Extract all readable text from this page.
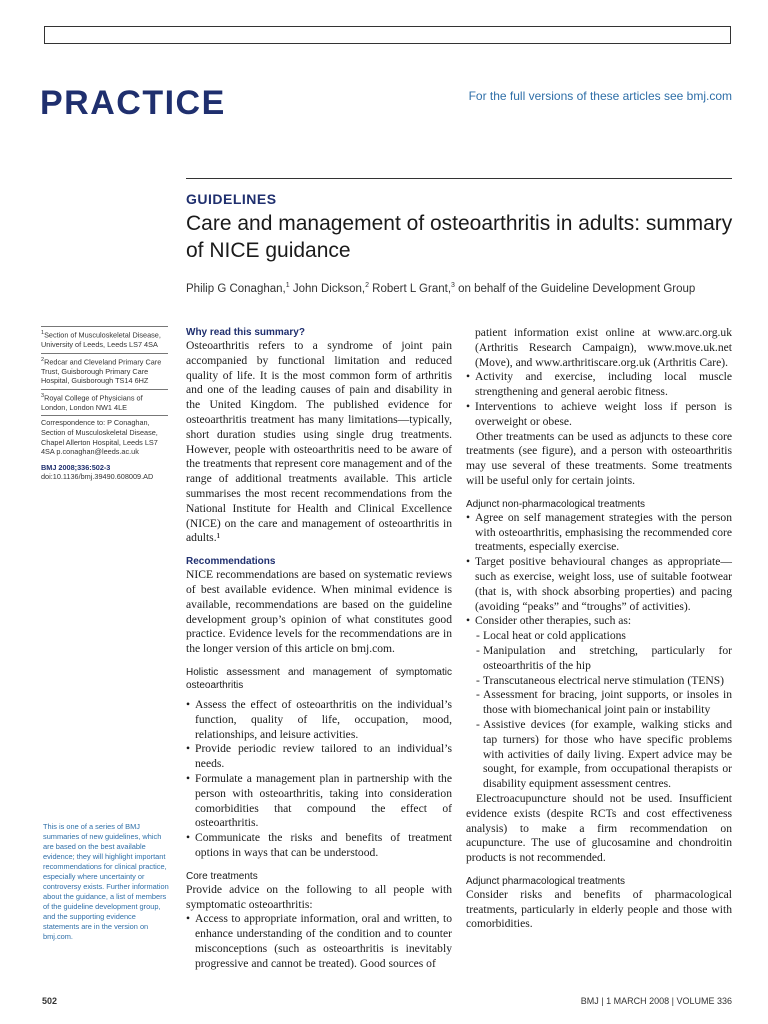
PRACTICE	For the full versions of these articles see bmj.com
GUIDELINES
Care and management of osteoarthritis in adults: summary of NICE guidance
Philip G Conaghan,$^1$ John Dickson,$^2$ Robert L Grant,$^3$ on behalf of the Guideline Development Group
$^1$Section of Musculoskeletal Disease, University of Leeds, Leeds LS7 4SA
$^2$Redcar and Cleveland Primary Care Trust, Guisborough Primary Care Hospital, Guisborough TS14 6HZ
$^3$Royal College of Physicians of London, London NW1 4LE
Correspondence to: P Conaghan, Section of Musculoskeletal Disease, Chapel Allerton Hospital, Leeds LS7 4SA p.conaghan@leeds.ac.uk
BMJ 2008;336:502-3
doi:10.1136/bmj.39490.608009.AD
This is one of a series of BMJ summaries of new guidelines, which are based on the best available evidence; they will highlight important recommendations for clinical practice, especially where uncertainty or controversy exists. Further information about the guidance, a list of members of the guideline development group, and the supporting evidence statements are in the version on bmj.com.

Why read this summary?

Osteoarthritis refers to a syndrome of joint pain accompanied by functional limitation and reduced quality of life. It is the most common form of arthritis and one of the leading causes of pain and disability in the United Kingdom. The published evidence for osteoarthritis treatment has many limitations—typically, short duration studies using single drug treatments. However, people with osteoarthritis need to be aware of the treatments that represent core management and of the range of additional treatments available. This article summarises the most recent recommendations from the National Institute for Health and Clinical Excellence (NICE) on the care and management of osteoarthritis in adults.¹

Recommendations

NICE recommendations are based on systematic reviews of best available evidence. When minimal evidence is available, recommendations are based on the guideline development group’s opinion of what constitutes good practice. Evidence levels for the recommendations are in the longer version of this article on bmj.com.

Holistic assessment and management of symptomatic osteoarthritis

• Assess the effect of osteoarthritis on the individual’s function, quality of life, occupation, mood, relationships, and leisure activities.
• Provide periodic review tailored to an individual’s needs.
• Formulate a management plan in partnership with the person with osteoarthritis, taking into consideration comorbidities that compound the effect of osteoarthritis.
• Communicate the risks and benefits of treatment options in ways that can be understood.

Core treatments

Provide advice on the following to all people with symptomatic osteoarthritis:

• Access to appropriate information, oral and written, to enhance understanding of the condition and to counter misconceptions (such as osteoarthritis is inevitably progressive and cannot be treated). Good sources of

patient information exist online at www.arc.org.uk (Arthritis Research Campaign), www.move.uk.net (Move), and www.arthritiscare.org.uk (Arthritis Care).

• Activity and exercise, including local muscle strengthening and general aerobic fitness.
• Interventions to achieve weight loss if person is overweight or obese.

Other treatments can be used as adjuncts to these core treatments (see figure), and a person with osteoarthritis may use several of these treatments. Some treatments will be useful only for certain joints.

Adjunct non-pharmacological treatments

• Agree on self management strategies with the person with osteoarthritis, emphasising the recommended core treatments, especially exercise.
• Target positive behavioural changes as appropriate—such as exercise, weight loss, use of suitable footwear (that is, with shock absorbing properties) and pacing (avoiding “peaks” and “troughs” of activities).
• Consider other therapies, such as:
- Local heat or cold applications
- Manipulation and stretching, particularly for osteoarthritis of the hip
- Transcutaneous electrical nerve stimulation (TENS)
- Assessment for bracing, joint supports, or insoles in those with biomechanical joint pain or instability
- Assistive devices (for example, walking sticks and tap turners) for those who have specific problems with activities of daily living. Expert advice may be sought, for example, from occupational therapists or disability equipment assessment centres.

Electroacupuncture should not be used. Insufficient evidence exists (despite RCTs and cost effectiveness analysis) to make a firm recommendation on acupuncture. The use of glucosamine and chondroitin products is not recommended.

Adjunct pharmacological treatments

Consider risks and benefits of pharmacological treatments, particularly in elderly people and those with comorbidities.

502	BMJ | 1 MARCH 2008 | VOLUME 336
